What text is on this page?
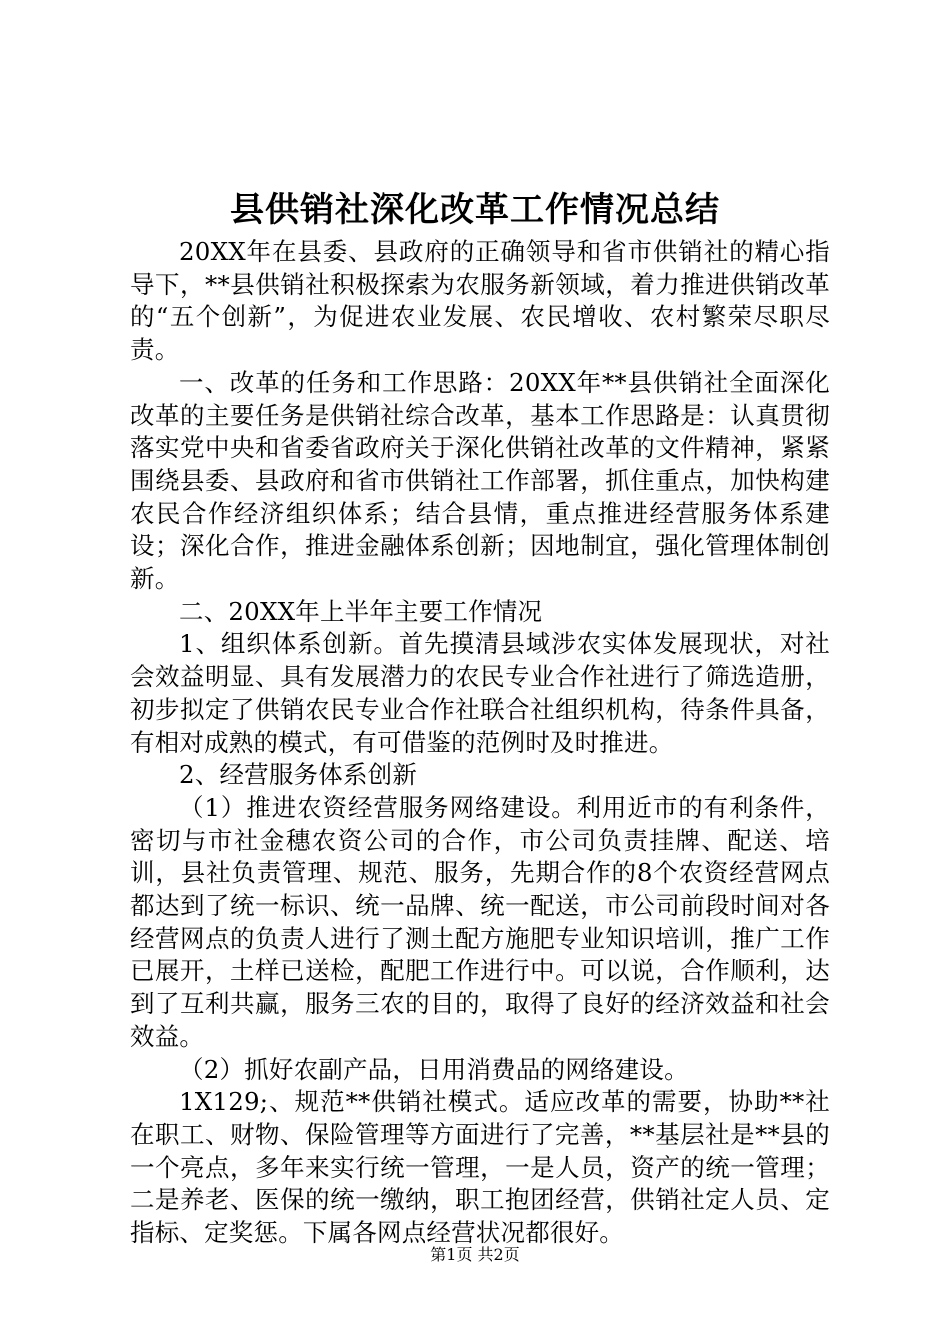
县供销社深化改革工作情况总结

20XX年在县委、县政府的正确领导和省市供销社的精心指导下，**县供销社积极探索为农服务新领域，着力推进供销改革的“五个创新”，为促进农业发展、农民增收、农村繁荣尽职尽责。

一、改革的任务和工作思路：20XX年**县供销社全面深化改革的主要任务是供销社综合改革，基本工作思路是：认真贯彻落实党中央和省委省政府关于深化供销社改革的文件精神，紧紧围绕县委、县政府和省市供销社工作部署，抓住重点，加快构建农民合作经济组织体系；结合县情，重点推进经营服务体系建设；深化合作，推进金融体系创新；因地制宜，强化管理体制创新。

二、20XX年上半年主要工作情况

1、组织体系创新。首先摸清县域涉农实体发展现状，对社会效益明显、具有发展潜力的农民专业合作社进行了筛选造册，初步拟定了供销农民专业合作社联合社组织机构，待条件具备，有相对成熟的模式，有可借鉴的范例时及时推进。

2、经营服务体系创新

（1）推进农资经营服务网络建设。利用近市的有利条件，密切与市社金穗农资公司的合作，市公司负责挂牌、配送、培训，县社负责管理、规范、服务，先期合作的8个农资经营网点都达到了统一标识、统一品牌、统一配送，市公司前段时间对各经营网点的负责人进行了测土配方施肥专业知识培训，推广工作已展开，土样已送检，配肥工作进行中。可以说，合作顺利，达到了互利共赢，服务三农的目的，取得了良好的经济效益和社会效益。

（2）抓好农副产品，日用消费品的网络建设。

1X129;、规范**供销社模式。适应改革的需要，协助**社在职工、财物、保险管理等方面进行了完善，**基层社是**县的一个亮点，多年来实行统一管理，一是人员，资产的统一管理；二是养老、医保的统一缴纳，职工抱团经营，供销社定人员、定指标、定奖惩。下属各网点经营状况都很好。

第1页 共2页
